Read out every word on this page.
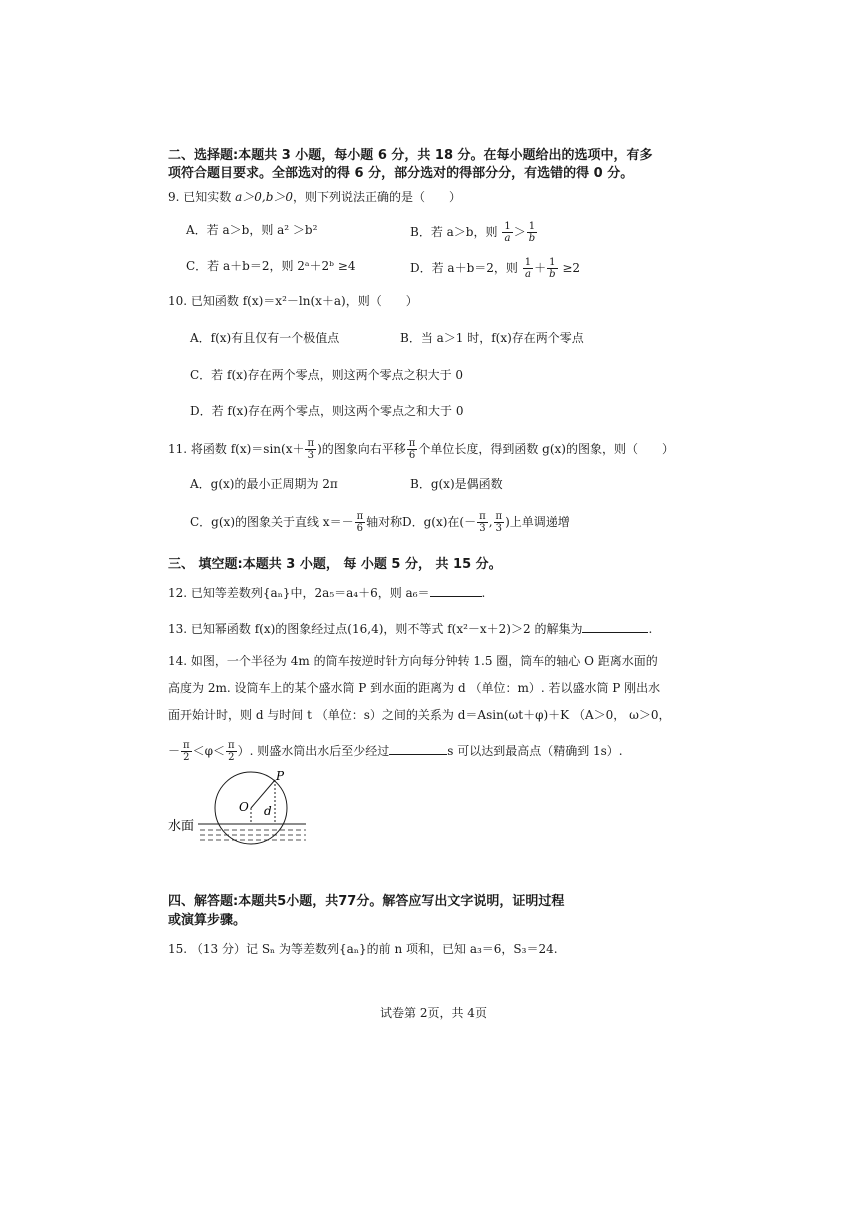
二、选择题:本题共 3 小题，每小题 6 分，共 18 分。在每小题给出的选项中，有多
项符合题目要求。全部选对的得 6 分，部分选对的得部分分，有选错的得 0 分。
9. 已知实数 a＞0,b＞0，则下列说法正确的是（　　）
A．若 a＞b，则 a² ＞b²	B．若 a＞b，则 $\frac{1}{a} > \frac{1}{b}$
C．若 a＋b＝2，则 2ᵃ＋2ᵇ ≥4	D．若 a＋b＝2，则 $\frac{1}{a} + \frac{1}{b} \ge 2$
10. 已知函数 f(x)＝x²－ln(x＋a)，则（　　）
A．f(x)有且仅有一个极值点	B．当 a＞1 时，f(x)存在两个零点
C．若 f(x)存在两个零点，则这两个零点之积大于 0
D．若 f(x)存在两个零点，则这两个零点之和大于 0
11. 将函数 $f(x)=\sin(x+ \frac{\pi}{3}$ )的图象向右平移 $\frac{\pi}{6}$ 个单位长度，得到函数 g(x)的图象，则（　　）
A．g(x)的最小正周期为 2π	B．g(x)是偶函数
C．g(x)的图象关于直线 $x=- \frac{\pi}{6}$ 轴对称 D．g(x)在(－ $\frac{\pi}{3}$ , $\frac{\pi}{3}$ )上单调递增
三、 填空题:本题共 3 小题， 每 小题 5 分， 共 15 分。
12. 已知等差数列{aₙ}中，2a₅＝a₄＋6，则 a₆＝	.
13. 已知幂函数 f(x)的图象经过点(16,4)，则不等式 f(x²－x＋2)＞2 的解集为	.
14. 如图，一个半径为 4m 的筒车按逆时针方向每分钟转 1.5 圈，筒车的轴心 O 距离水面的
高度为 2m. 设筒车上的某个盛水筒 P 到水面的距离为 d （单位：m）. 若以盛水筒 P 刚出水
面开始计时，则 d 与时间 t （单位：s）之间的关系为 d＝Asin(ωt＋φ)＋K （A＞0， ω＞0，
－ $\frac{\pi}{2} <\varphi< \frac{\pi}{2}$ ）. 则盛水筒出水后至少经过	s 可以达到最高点（精确到 1s）.
水面
O
P
d
四、解答题:本题共5小题，共77分。解答应写出文字说明，证明过程
或演算步骤。
15. （13 分）记 Sₙ 为等差数列{aₙ}的前 n 项和，已知 a₃＝6，S₃＝24.
试卷第 2页，共 4页
